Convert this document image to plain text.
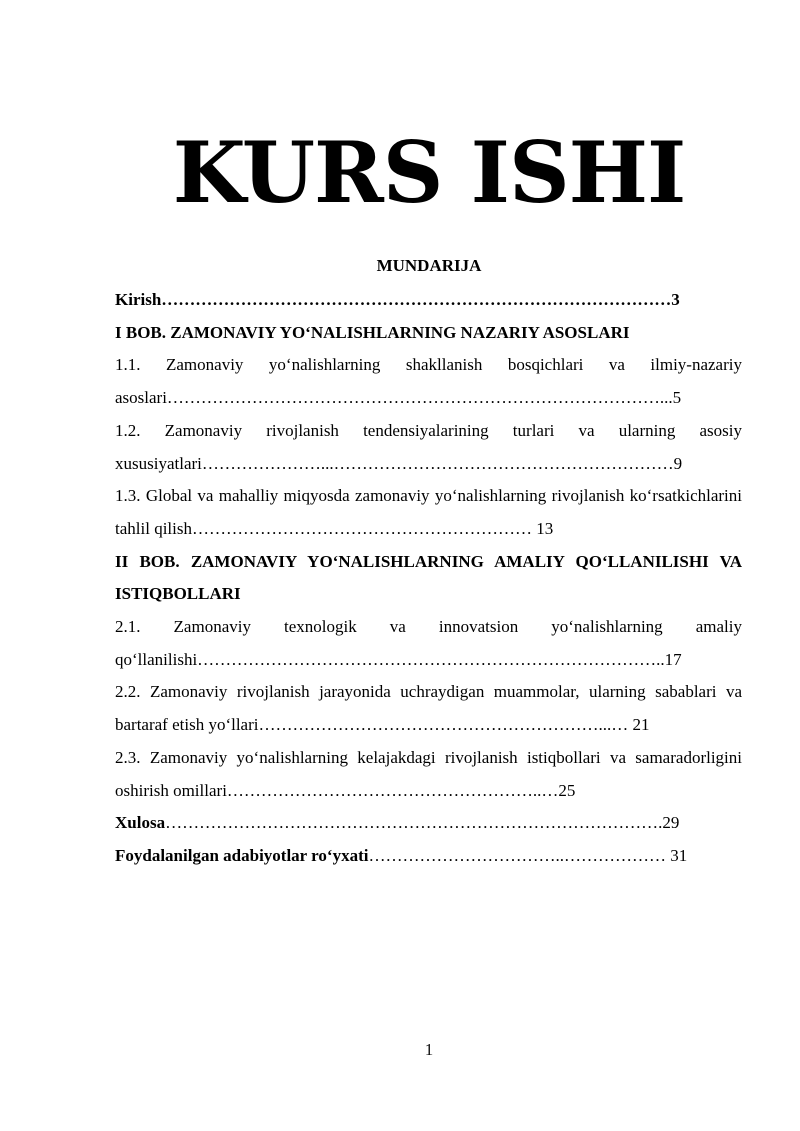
KURS ISHI
MUNDARIJA

Kirish………………………………………………………………………………3

I BOB. ZAMONAVIY YO‘NALISHLARNING NAZARIY ASOSLARI

1.1. Zamonaviy yo‘nalishlarning shakllanish bosqichlari va ilmiy-nazariy asoslari……………………………………………………………………………...5

1.2. Zamonaviy rivojlanish tendensiyalarining turlari va ularning asosiy xususiyatlari…………………...……………………………………………………9

1.3. Global va mahalliy miqyosda zamonaviy yo‘nalishlarning rivojlanish ko‘rsatkichlarini tahlil qilish…………………………………………………… 13

II BOB. ZAMONAVIY YO‘NALISHLARNING AMALIY QO‘LLANILISHI VA ISTIQBOLLARI

2.1. Zamonaviy texnologik va innovatsion yo‘nalishlarning amaliy qo‘llanilishi………………………………………………………………………..17

2.2. Zamonaviy rivojlanish jarayonida uchraydigan muammolar, ularning sabablari va bartaraf etish yo‘llari……………………………………………………...… 21

2.3. Zamonaviy yo‘nalishlarning kelajakdagi rivojlanish istiqbollari va samaradorligini oshirish omillari………………………………………………..…25

Xulosa…………………………………………………………………………….29

Foydalanilgan adabiyotlar ro‘yxati……………………………..……………… 31

1
